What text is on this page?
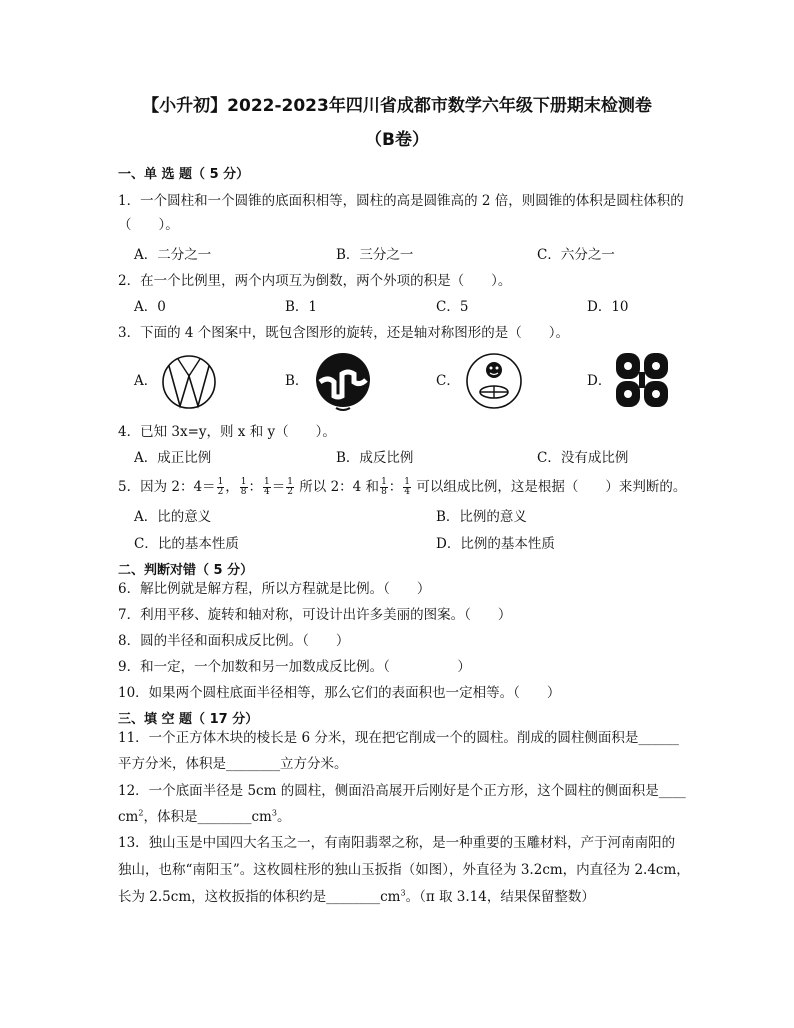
【小升初】2022-2023年四川省成都市数学六年级下册期末检测卷
（B卷）
一、单 选 题（ 5 分）
1．一个圆柱和一个圆锥的底面积相等，圆柱的高是圆锥高的 2 倍，则圆锥的体积是圆柱体积的
（　　）。
A．二分之一	B．三分之一	C．六分之一
2．在一个比例里，两个内项互为倒数，两个外项的积是（　　）。
A．0	B．1	C．5	D．10
3．下面的 4 个图案中，既包含图形的旋转，还是轴对称图形的是（　　）。
A．	B．	C．	D．
4．已知 3x=y，则 x 和 y（　　）。
A．成正比例	B．成反比例	C．没有成比例
5．因为 2：$4= \frac{1}{2}$ ， $\frac{1}{8}$ ： $\frac{1}{4} = \frac{1}{2}$ 所以 2：4 和 $\frac{1}{8}$ ： $\frac{1}{4}$ 可以组成比例，这是根据（　　）来判断的。
A．比的意义	B．比例的意义
C．比的基本性质	D．比例的基本性质
二、判断对错（ 5 分）
6．解比例就是解方程，所以方程就是比例。（　　）
7．利用平移、旋转和轴对称，可设计出许多美丽的图案。（　　）
8．圆的半径和面积成反比例。（　　）
9．和一定，一个加数和另一加数成反比例。（　　　　　）
10．如果两个圆柱底面半径相等，那么它们的表面积也一定相等。（　　）
三、填 空 题（ 17 分）
11．一个正方体木块的棱长是 6 分米，现在把它削成一个的圆柱。削成的圆柱侧面积是______
平方分米，体积是________立方分米。
12．一个底面半径是 5cm 的圆柱，侧面沿高展开后刚好是个正方形，这个圆柱的侧面积是____
$cm^2$，体积是$\_\_\_\_\_\_\_\_cm^3$。
13．独山玉是中国四大名玉之一，有南阳翡翠之称，是一种重要的玉雕材料，产于河南南阳的
独山，也称“南阳玉”。这枚圆柱形的独山玉扳指（如图），外直径为 3.2cm，内直径为 2.4cm，
长为 2.5cm，这枚扳指的体积约是$\_\_\_\_\_\_\_\_cm^3$。（π 取 3.14，结果保留整数）
